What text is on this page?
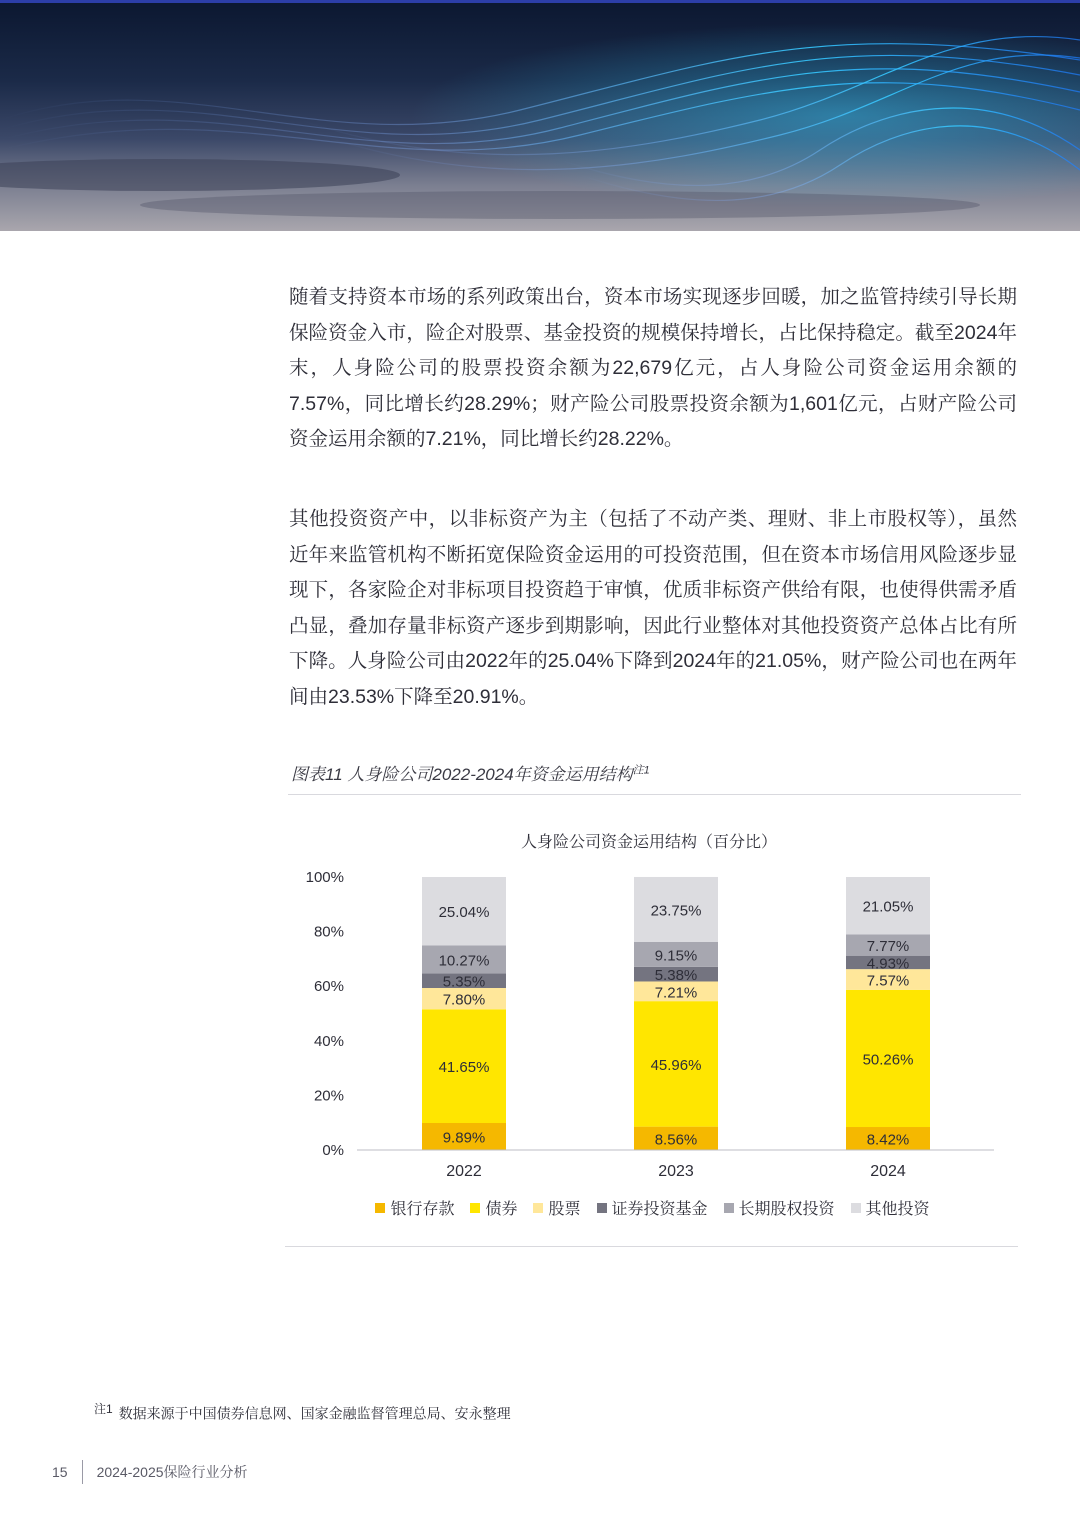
随着支持资本市场的系列政策出台，资本市场实现逐步回暖，加之监管持续引导长期保险资金入市，险企对股票、基金投资的规模保持增长，占比保持稳定。截至2024年末，人身险公司的股票投资余额为22,679亿元，占人身险公司资金运用余额的7.57%，同比增长约28.29%；财产险公司股票投资余额为1,601亿元，占财产险公司资金运用余额的7.21%，同比增长约28.22%。

其他投资资产中，以非标资产为主（包括了不动产类、理财、非上市股权等），虽然近年来监管机构不断拓宽保险资金运用的可投资范围，但在资本市场信用风险逐步显现下，各家险企对非标项目投资趋于审慎，优质非标资产供给有限，也使得供需矛盾凸显，叠加存量非标资产逐步到期影响，因此行业整体对其他投资资产总体占比有所下降。人身险公司由2022年的25.04%下降到2024年的21.05%，财产险公司也在两年间由23.53%下降至20.91%。

图表11 人身险公司2022-2024年资金运用结构$^{注1}$
人身险公司资金运用结构（百分比）
0%
20%
40%
60%
80%
100%
9.89%
41.65%
7.80%
5.35%
10.27%
25.04%
8.56%
45.96%
7.21%
5.38%
9.15%
23.75%
8.42%
50.26%
7.57%
4.93%
7.77%
21.05%
2022	2023	2024
银行存款 债券 股票 证券投资基金 长期股权投资 其他投资
$^{注1}$ 数据来源于中国债券信息网、国家金融监督管理总局、安永整理
15 2024-2025保险行业分析
